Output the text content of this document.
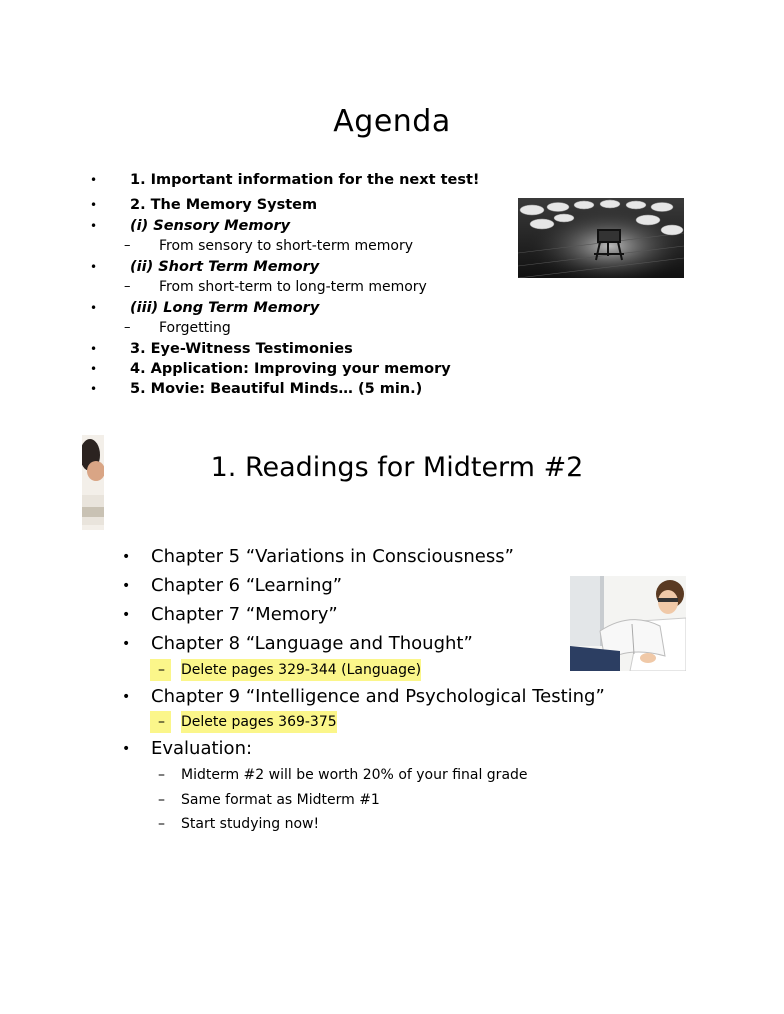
Agenda
• 1. Important information for the next test!
• 2. The Memory System
• (i) Sensory Memory
– From sensory to short-term memory
• (ii) Short Term Memory
– From short-term to long-term memory
• (iii) Long Term Memory
– Forgetting
• 3. Eye-Witness Testimonies
• 4. Application: Improving your memory
• 5. Movie: Beautiful Minds… (5 min.)
1. Readings for Midterm #2
• Chapter 5 “Variations in Consciousness”
• Chapter 6 “Learning”
• Chapter 7 “Memory”
• Chapter 8 “Language and Thought”
–	Delete pages 329-344 (Language)
• Chapter 9 “Intelligence and Psychological Testing”
–	Delete pages 369-375
• Evaluation:
– Midterm #2 will be worth 20% of your final grade
– Same format as Midterm #1
– Start studying now!
